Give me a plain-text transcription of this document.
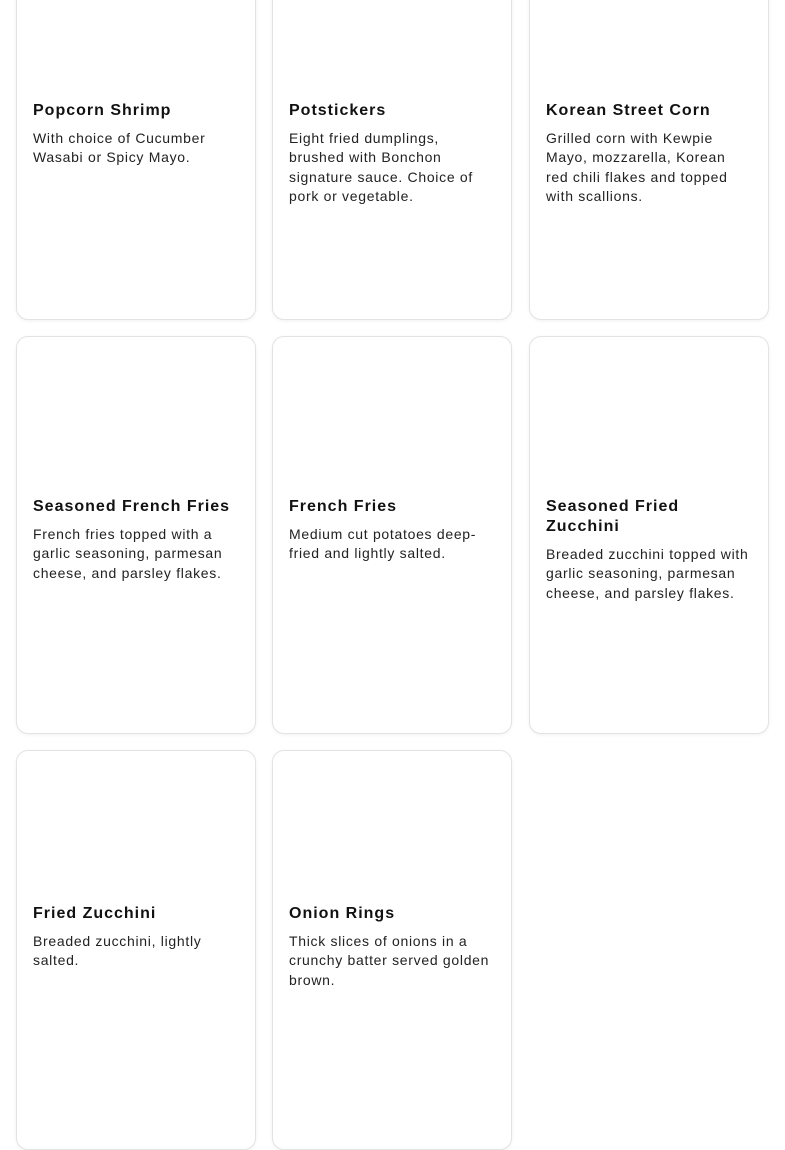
Popcorn Shrimp

With choice of Cucumber Wasabi or Spicy Mayo.

Potstickers

Eight fried dumplings, brushed with Bonchon signature sauce. Choice of pork or vegetable.

Korean Street Corn

Grilled corn with Kewpie Mayo, mozzarella, Korean red chili flakes and topped with scallions.

Seasoned French Fries

French fries topped with a garlic seasoning, parmesan cheese, and parsley flakes.

French Fries

Medium cut potatoes deep-fried and lightly salted.

Seasoned Fried Zucchini

Breaded zucchini topped with garlic seasoning, parmesan cheese, and parsley flakes.

Fried Zucchini

Breaded zucchini, lightly salted.

Onion Rings

Thick slices of onions in a crunchy batter served golden brown.
